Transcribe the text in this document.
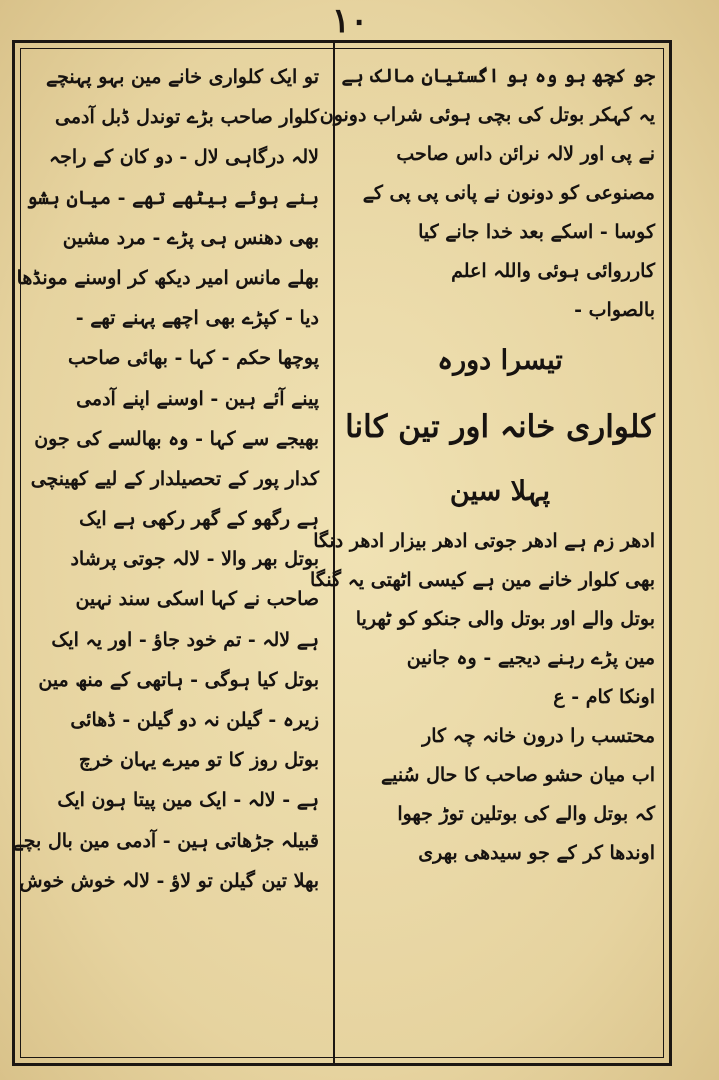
۱۰
تو ایک کلواری خانے مین بہو پہنچے
کلوار صاحب بڑے توندل ڈبل آدمی
لالہ درگاہی لال - دو کان کے راجہ
بنے ہوئے بیٹھے تھے - میان ہشو
بھی دھنس ہی پڑے - مرد مشین
بھلے مانس امیر دیکھ کر اوسنے مونڈھا
دیا - کپڑے بھی اچھے پہنے تھے -
پوچھا حکم - کہا - بھائی صاحب
پینے آئے ہین - اوسنے اپنے آدمی
بھیجے سے کہا - وہ بھالسے کی جون
کدار پور کے تحصیلدار کے لیے کھینچی
ہے رگھو کے گھر رکھی ہے ایک
بوتل بھر والا - لالہ جوتی پرشاد
صاحب نے کہا اسکی سند نہین
ہے لالہ - تم خود جاؤ - اور یہ ایک
بوتل کیا ہوگی - ہاتھی کے منھ مین
زیرہ - گیلن نہ دو گیلن - ڈھائی
بوتل روز کا تو میرے یہان خرچ
ہے - لالہ - ایک مین پیتا ہون ایک
قبیلہ جڑھاتی ہین - آدمی مین بال بچے
بھلا تین گیلن تو لاؤ - لالہ خوش خوش
جو کچھ ہو وہ ہو اگستیان مالک ہے
یہ کہکر بوتل کی بچی ہوئی شراب دونون
نے پی اور لالہ نرائن داس صاحب
مصنوعی کو دونون نے پانی پی پی کے
کوسا - اسکے بعد خدا جانے کیا
کارروائی ہوئی واللہ اعلم
بالصواب -
تیسرا دورہ
کلواری خانہ اور تین کانا
پہلا سین
ادھر زم ہے ادھر جوتی ادھر بیزار ادھر دنگا
بھی کلوار خانے مین ہے کیسی اٹھتی یہ گنگا
بوتل والے اور بوتل والی جنکو کو ٹھریا
مین پڑے رہنے دیجیے - وہ جانین
اونکا کام - ع
محتسب را درون خانہ چہ کار
اب میان حشو صاحب کا حال سُنیے
کہ بوتل والے کی بوتلین توڑ جھوا
اوندھا کر کے جو سیدھی بھری
